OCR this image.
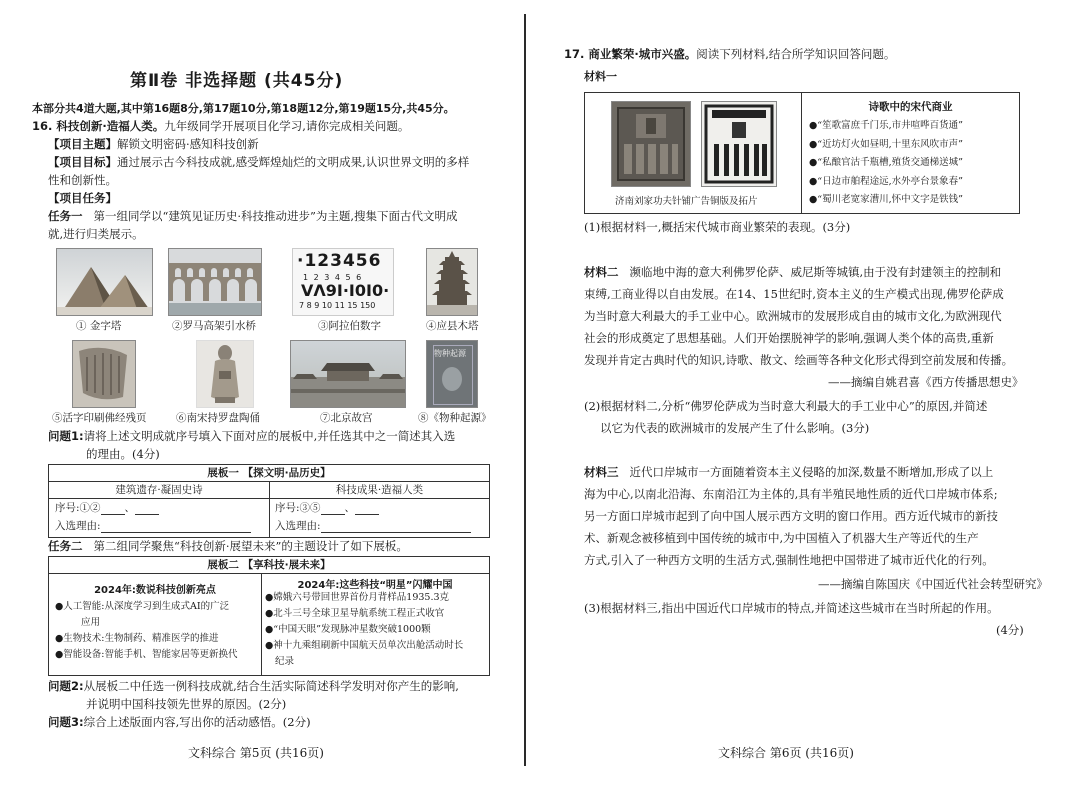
第Ⅱ卷 非选择题 (共45分)
本部分共4道大题,其中第16题8分,第17题10分,第18题12分,第19题15分,共45分。
16. 科技创新·造福人类。九年级同学开展项目化学习,请你完成相关问题。
【项目主题】解锁文明密码·感知科技创新
【项目目标】通过展示古今科技成就,感受辉煌灿烂的文明成果,认识世界文明的多样
性和创新性。
【项目任务】
任务一 第一组同学以“建筑见证历史·科技推动进步”为主题,搜集下面古代文明成
就,进行归类展示。
·123456
1 2 3 4 5 6
VΛ9I·I0I0·
7 8 9 10 11 15 150
① 金字塔	②罗马高架引水桥	③阿拉伯数字	④应县木塔
物种起源
⑤活字印刷佛经残页	⑥南宋持罗盘陶俑	⑦北京故宫	⑧《物种起源》
问题1:请将上述文明成就序号填入下面对应的展板中,并任选其中之一简述其入选
的理由。(4分)
展板一 【探文明·品历史】
建筑遗存·凝固史诗	科技成果·造福人类
序号:①② 、
入选理由:
序号:③⑤ 、
入选理由:
任务二 第二组同学聚焦“科技创新·展望未来”的主题设计了如下展板。
展板二 【享科技·展未来】
2024年:数说科技创新亮点
●人工智能:从深度学习到生成式AI的广泛
应用
●生物技术:生物制药、精准医学的推进
●智能设备:智能手机、智能家居等更新换代
2024年:这些科技“明星”闪耀中国
●嫦娥六号带回世界首份月背样品1935.3克
●北斗三号全球卫星导航系统工程正式收官
●“中国天眼”发现脉冲星数突破1000颗
●神十九乘组刷新中国航天员单次出舱活动时长
纪录
问题2:从展板二中任选一例科技成就,结合生活实际简述科学发明对你产生的影响,
并说明中国科技领先世界的原因。(2分)
问题3:综合上述版面内容,写出你的活动感悟。(2分)
文科综合 第5页 (共16页)
17. 商业繁荣·城市兴盛。阅读下列材料,结合所学知识回答问题。
材料一
济南刘家功夫针铺广告铜版及拓片
诗歌中的宋代商业
●“笙歌富庶千门乐,市井喧哗百货通”
●“近坊灯火如昼明,十里东风吹市声”
●“私酿官沽千瓶槽,殖货交通梯送城”
●“日边市舶程途远,水外亭台景象春”
●“蜀川老宽家漕川,怀中文字是铁钱”
(1)根据材料一,概括宋代城市商业繁荣的表现。(3分)
材料二 濒临地中海的意大利佛罗伦萨、威尼斯等城镇,由于没有封建领主的控制和
束缚,工商业得以自由发展。在14、15世纪时,资本主义的生产模式出现,佛罗伦萨成
为当时意大利最大的手工业中心。欧洲城市的发展形成自由的城市文化,为欧洲现代
社会的形成奠定了思想基础。人们开始摆脱神学的影响,强调人类个体的高贵,重新
发现并肯定古典时代的知识,诗歌、散文、绘画等各种文化形式得到空前发展和传播。
——摘编自姚君喜《西方传播思想史》
(2)根据材料二,分析“佛罗伦萨成为当时意大利最大的手工业中心”的原因,并简述
以它为代表的欧洲城市的发展产生了什么影响。(3分)
材料三 近代口岸城市一方面随着资本主义侵略的加深,数量不断增加,形成了以上
海为中心,以南北沿海、东南沿江为主体的,具有半殖民地性质的近代口岸城市体系;
另一方面口岸城市起到了向中国人展示西方文明的窗口作用。西方近代城市的新技
术、新观念被移植到中国传统的城市中,为中国植入了机器大生产等近代的生产
方式,引入了一种西方文明的生活方式,强制性地把中国带进了城市近代化的行列。
——摘编自陈国庆《中国近代社会转型研究》
(3)根据材料三,指出中国近代口岸城市的特点,并简述这些城市在当时所起的作用。
(4分)
文科综合 第6页 (共16页)
